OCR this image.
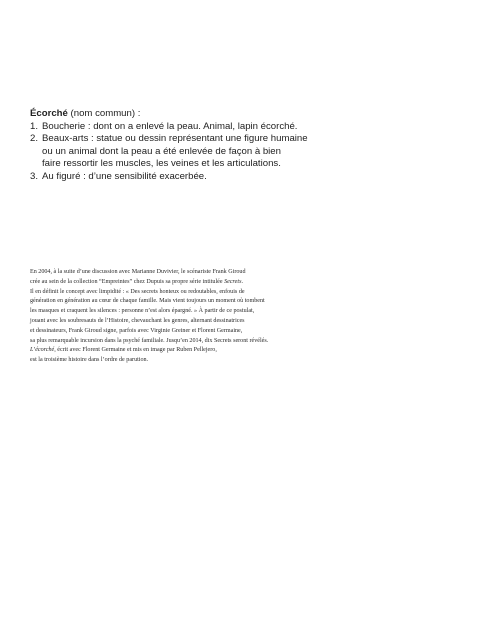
Écorché (nom commun) :
1. Boucherie : dont on a enlevé la peau. Animal, lapin écorché.
2. Beaux-arts : statue ou dessin représentant une figure humaine
ou un animal dont la peau a été enlevée de façon à bien
faire ressortir les muscles, les veines et les articulations.
3. Au figuré : d’une sensibilité exacerbée.
En 2004, à la suite d’une discussion avec Marianne Duvivier, le scénariste Frank Giroud
crée au sein de la collection “Empreintes” chez Dupuis sa propre série intitulée Secrets.
Il en définit le concept avec limpidité : « Des secrets honteux ou redoutables, enfouis de
génération en génération au cœur de chaque famille. Mais vient toujours un moment où tombent
les masques et craquent les silences : personne n’est alors épargné. » À partir de ce postulat,
jouant avec les soubresauts de l’Histoire, chevauchant les genres, alternant dessinatrices
et dessinateurs, Frank Giroud signe, parfois avec Virginie Greiner et Florent Germaine,
sa plus remarquable incursion dans la psyché familiale. Jusqu’en 2014, dix Secrets seront révélés.
L’écorché, écrit avec Florent Germaine et mis en image par Ruben Pellejero,
est la troisième histoire dans l’ordre de parution.
